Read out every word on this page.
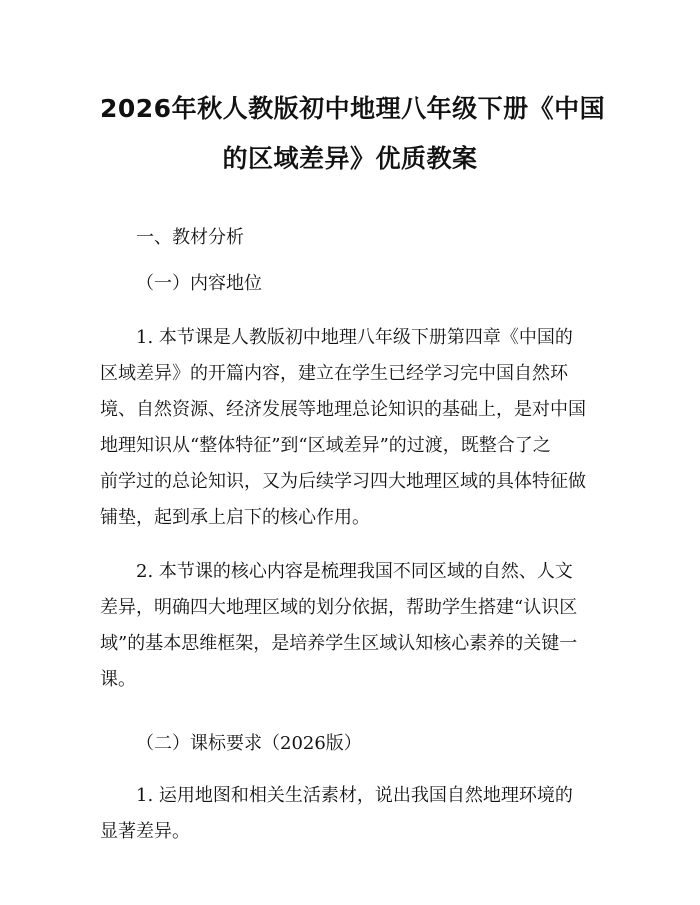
2026年秋人教版初中地理八年级下册《中国
的区域差异》优质教案

一、教材分析

（一）内容地位

1. 本节课是人教版初中地理八年级下册第四章《中国的
区域差异》的开篇内容，建立在学生已经学习完中国自然环
境、自然资源、经济发展等地理总论知识的基础上，是对中国
地理知识从“整体特征”到“区域差异”的过渡，既整合了之
前学过的总论知识，又为后续学习四大地理区域的具体特征做
铺垫，起到承上启下的核心作用。
2. 本节课的核心内容是梳理我国不同区域的自然、人文
差异，明确四大地理区域的划分依据，帮助学生搭建“认识区
域”的基本思维框架，是培养学生区域认知核心素养的关键一
课。

（二）课标要求（2026版）

1. 运用地图和相关生活素材，说出我国自然地理环境的
显著差异。
